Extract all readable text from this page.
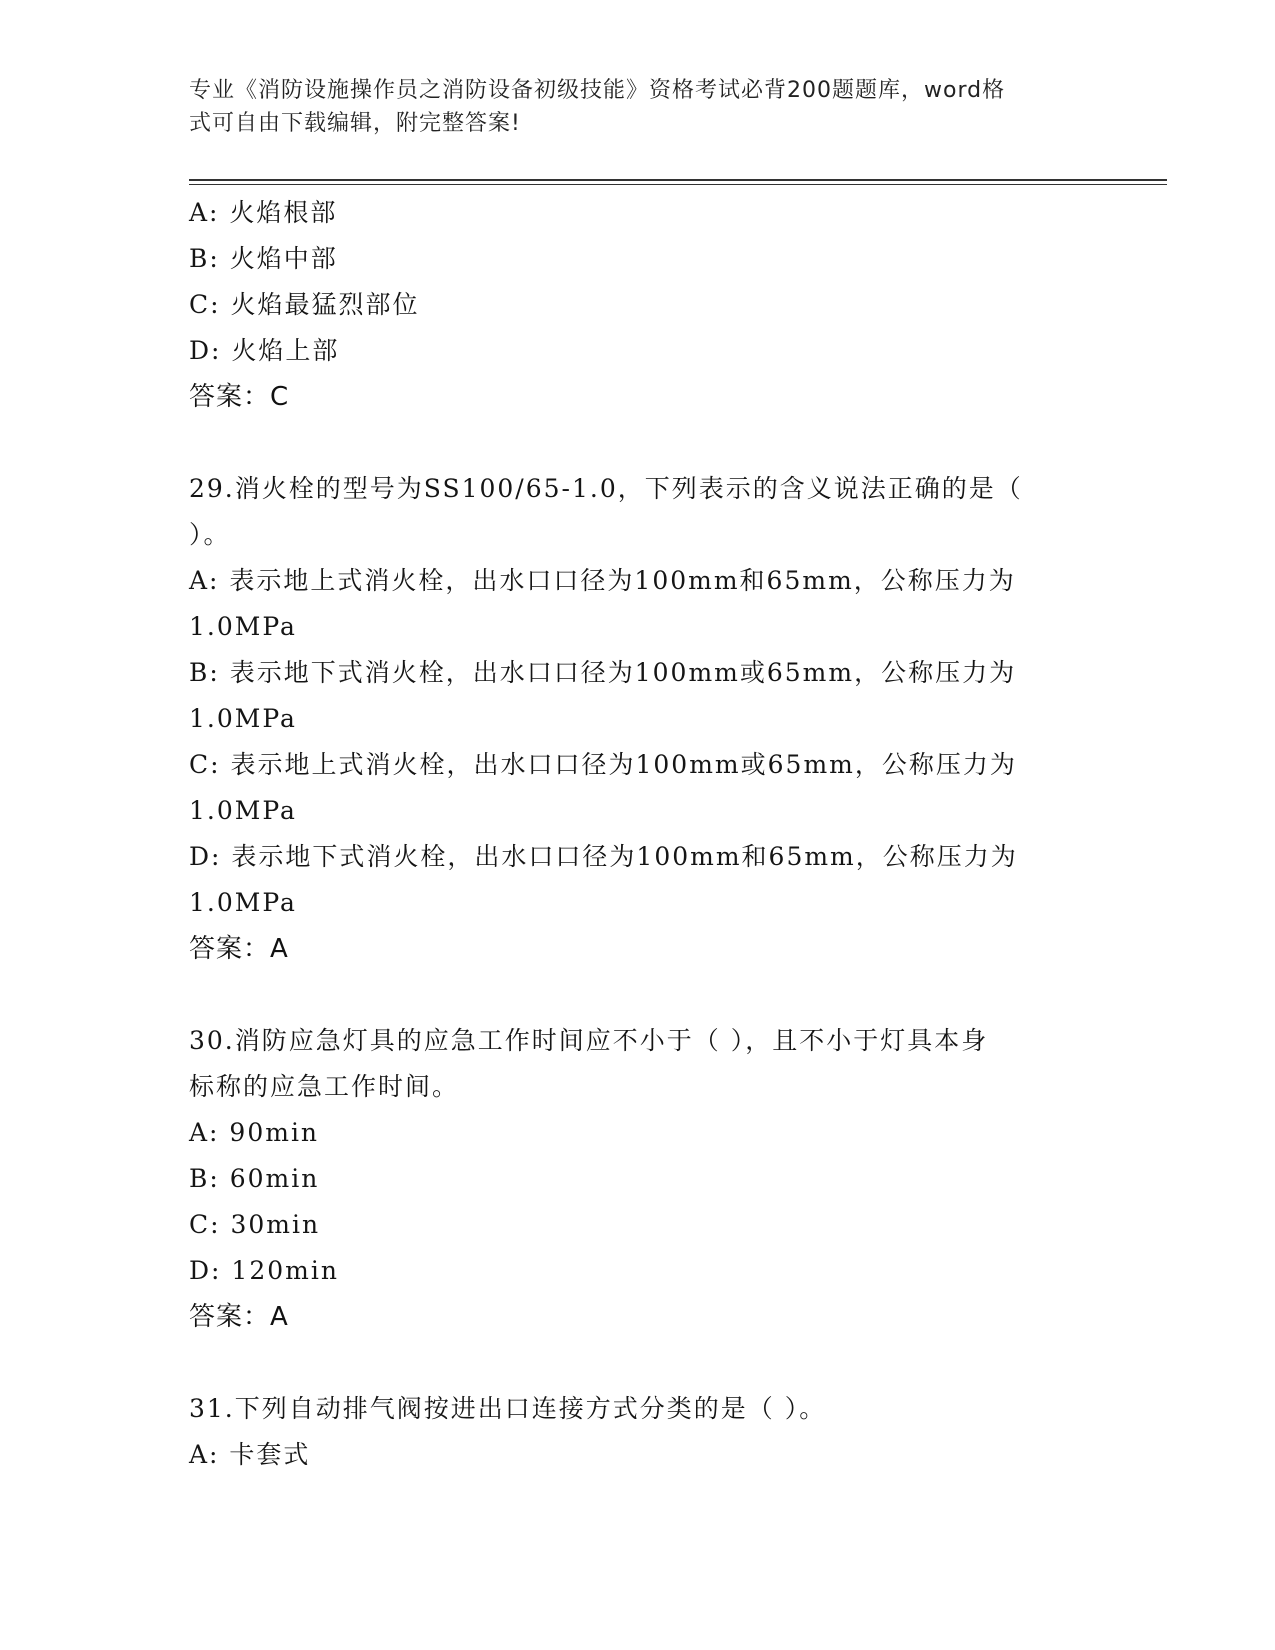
专业《消防设施操作员之消防设备初级技能》资格考试必背200题题库，word格
式可自由下载编辑，附完整答案!
A: 火焰根部
B: 火焰中部
C: 火焰最猛烈部位
D: 火焰上部
答案：C
29.消火栓的型号为SS100/65-1.0，下列表示的含义说法正确的是（
）。
A: 表示地上式消火栓，出水口口径为100mm和65mm，公称压力为
1.0MPa
B: 表示地下式消火栓，出水口口径为100mm或65mm，公称压力为
1.0MPa
C: 表示地上式消火栓，出水口口径为100mm或65mm，公称压力为
1.0MPa
D: 表示地下式消火栓，出水口口径为100mm和65mm，公称压力为
1.0MPa
答案：A
30.消防应急灯具的应急工作时间应不小于（ ），且不小于灯具本身
标称的应急工作时间。
A: 90min
B: 60min
C: 30min
D: 120min
答案：A
31.下列自动排气阀按进出口连接方式分类的是（ ）。
A: 卡套式
